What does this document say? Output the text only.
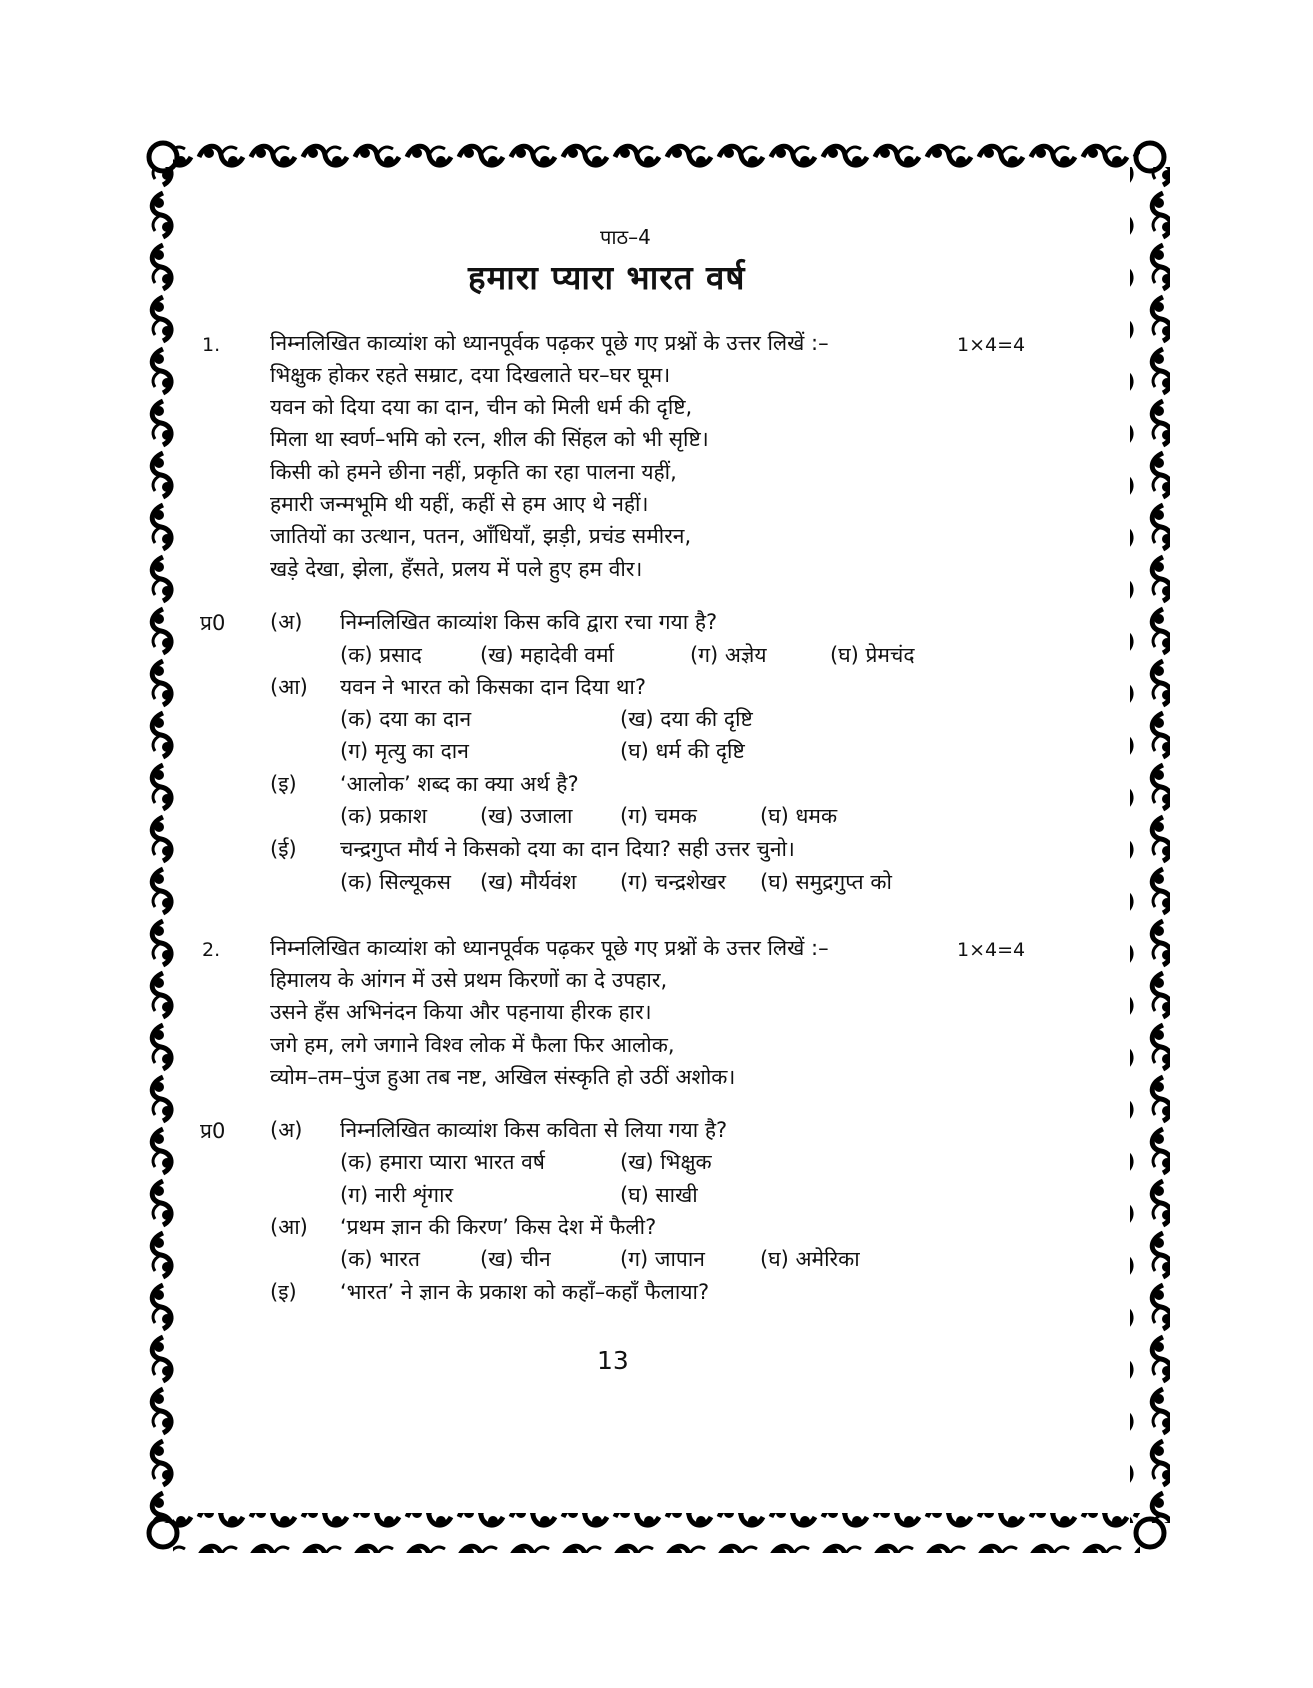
पाठ–4
हमारा प्यारा भारत वर्ष
1. निम्नलिखित काव्यांश को ध्यानपूर्वक पढ़कर पूछे गए प्रश्नों के उत्तर लिखें :–	1×4=4
भिक्षुक होकर रहते सम्राट, दया दिखलाते घर–घर घूम।
यवन को दिया दया का दान, चीन को मिली धर्म की दृष्टि,
मिला था स्वर्ण–भमि को रत्न, शील की सिंहल को भी सृष्टि।
किसी को हमने छीना नहीं, प्रकृति का रहा पालना यहीं,
हमारी जन्मभूमि थी यहीं, कहीं से हम आए थे नहीं।
जातियों का उत्थान, पतन, आँधियाँ, झड़ी, प्रचंड समीरन,
खड़े देखा, झेला, हँसते, प्रलय में पले हुए हम वीर।
प्र0 (अ) निम्नलिखित काव्यांश किस कवि द्वारा रचा गया है?
(क) प्रसाद	(ख) महादेवी वर्मा	(ग) अज्ञेय	(घ) प्रेमचंद
(आ) यवन ने भारत को किसका दान दिया था?
(क) दया का दान	(ख) दया की दृष्टि
(ग) मृत्यु का दान	(घ) धर्म की दृष्टि
(इ) ‘आलोक’ शब्द का क्या अर्थ है?
(क) प्रकाश	(ख) उजाला (ग) चमक	(घ) धमक
(ई) चन्द्रगुप्त मौर्य ने किसको दया का दान दिया? सही उत्तर चुनो।
(क) सिल्यूकस (ख) मौर्यवंश (ग) चन्द्रशेखर (घ) समुद्रगुप्त को
2. निम्नलिखित काव्यांश को ध्यानपूर्वक पढ़कर पूछे गए प्रश्नों के उत्तर लिखें :–	1×4=4
हिमालय के आंगन में उसे प्रथम किरणों का दे उपहार,
उसने हँस अभिनंदन किया और पहनाया हीरक हार।
जगे हम, लगे जगाने विश्व लोक में फैला फिर आलोक,
व्योम–तम–पुंज हुआ तब नष्ट, अखिल संस्कृति हो उठीं अशोक।
प्र0 (अ) निम्नलिखित काव्यांश किस कविता से लिया गया है?
(क) हमारा प्यारा भारत वर्ष	(ख) भिक्षुक
(ग) नारी शृंगार	(घ) साखी
(आ) ‘प्रथम ज्ञान की किरण’ किस देश में फैली?
(क) भारत	(ख) चीन	(ग) जापान	(घ) अमेरिका
(इ) ‘भारत’ ने ज्ञान के प्रकाश को कहाँ–कहाँ फैलाया?
13
